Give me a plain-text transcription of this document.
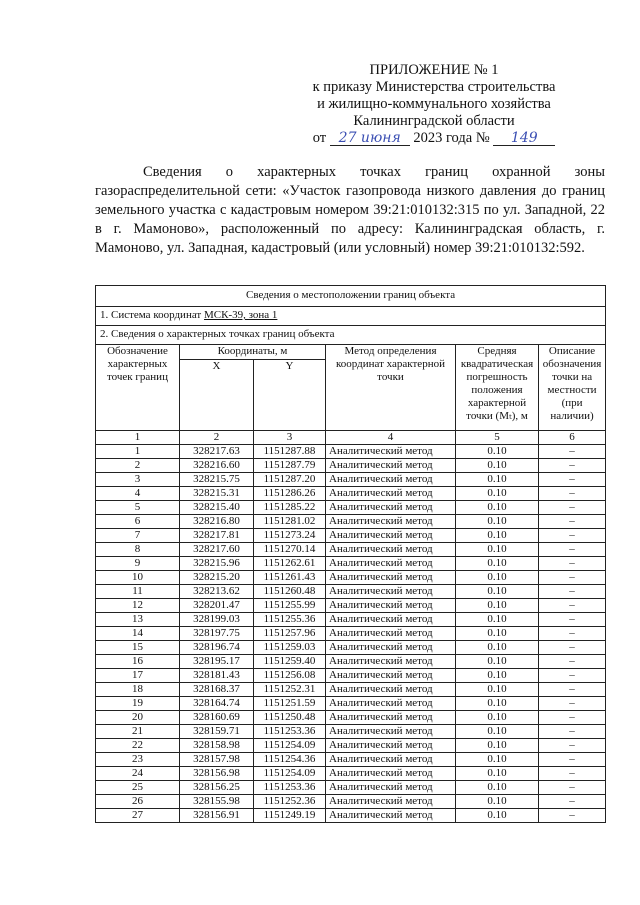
ПРИЛОЖЕНИЕ № 1
к приказу Министерства строительства
и жилищно-коммунального хозяйства
Калининградской области
от 27 июня 2023 года № 149
Сведения о характерных точках границ охранной зоны газораспределительной сети: «Участок газопровода низкого давления до границ земельного участка с кадастровым номером 39:21:010132:315 по ул. Западной, 22 в г. Мамоново», расположенный по адресу: Калининградская область, г. Мамоново, ул. Западная, кадастровый (или условный) номер 39:21:010132:592.
Сведения о местоположении границ объекта					
1. Система координат МСК-39, зона 1					
2. Сведения о характерных точках границ объекта					
Обозначение характерных точек границ	Координаты, м		Метод определения координат характерной точки	Средняя квадратическая погрешность положения характерной точки (Mₜ), м	Описание обозначения точки на местности (при наличии)
	X	Y			
1	2	3	4	5	6
1	328217.63	1151287.88	Аналитический метод	0.10	–
2	328216.60	1151287.79	Аналитический метод	0.10	–
3	328215.75	1151287.20	Аналитический метод	0.10	–
4	328215.31	1151286.26	Аналитический метод	0.10	–
5	328215.40	1151285.22	Аналитический метод	0.10	–
6	328216.80	1151281.02	Аналитический метод	0.10	–
7	328217.81	1151273.24	Аналитический метод	0.10	–
8	328217.60	1151270.14	Аналитический метод	0.10	–
9	328215.96	1151262.61	Аналитический метод	0.10	–
10	328215.20	1151261.43	Аналитический метод	0.10	–
11	328213.62	1151260.48	Аналитический метод	0.10	–
12	328201.47	1151255.99	Аналитический метод	0.10	–
13	328199.03	1151255.36	Аналитический метод	0.10	–
14	328197.75	1151257.96	Аналитический метод	0.10	–
15	328196.74	1151259.03	Аналитический метод	0.10	–
16	328195.17	1151259.40	Аналитический метод	0.10	–
17	328181.43	1151256.08	Аналитический метод	0.10	–
18	328168.37	1151252.31	Аналитический метод	0.10	–
19	328164.74	1151251.59	Аналитический метод	0.10	–
20	328160.69	1151250.48	Аналитический метод	0.10	–
21	328159.71	1151253.36	Аналитический метод	0.10	–
22	328158.98	1151254.09	Аналитический метод	0.10	–
23	328157.98	1151254.36	Аналитический метод	0.10	–
24	328156.98	1151254.09	Аналитический метод	0.10	–
25	328156.25	1151253.36	Аналитический метод	0.10	–
26	328155.98	1151252.36	Аналитический метод	0.10	–
27	328156.91	1151249.19	Аналитический метод	0.10	–
